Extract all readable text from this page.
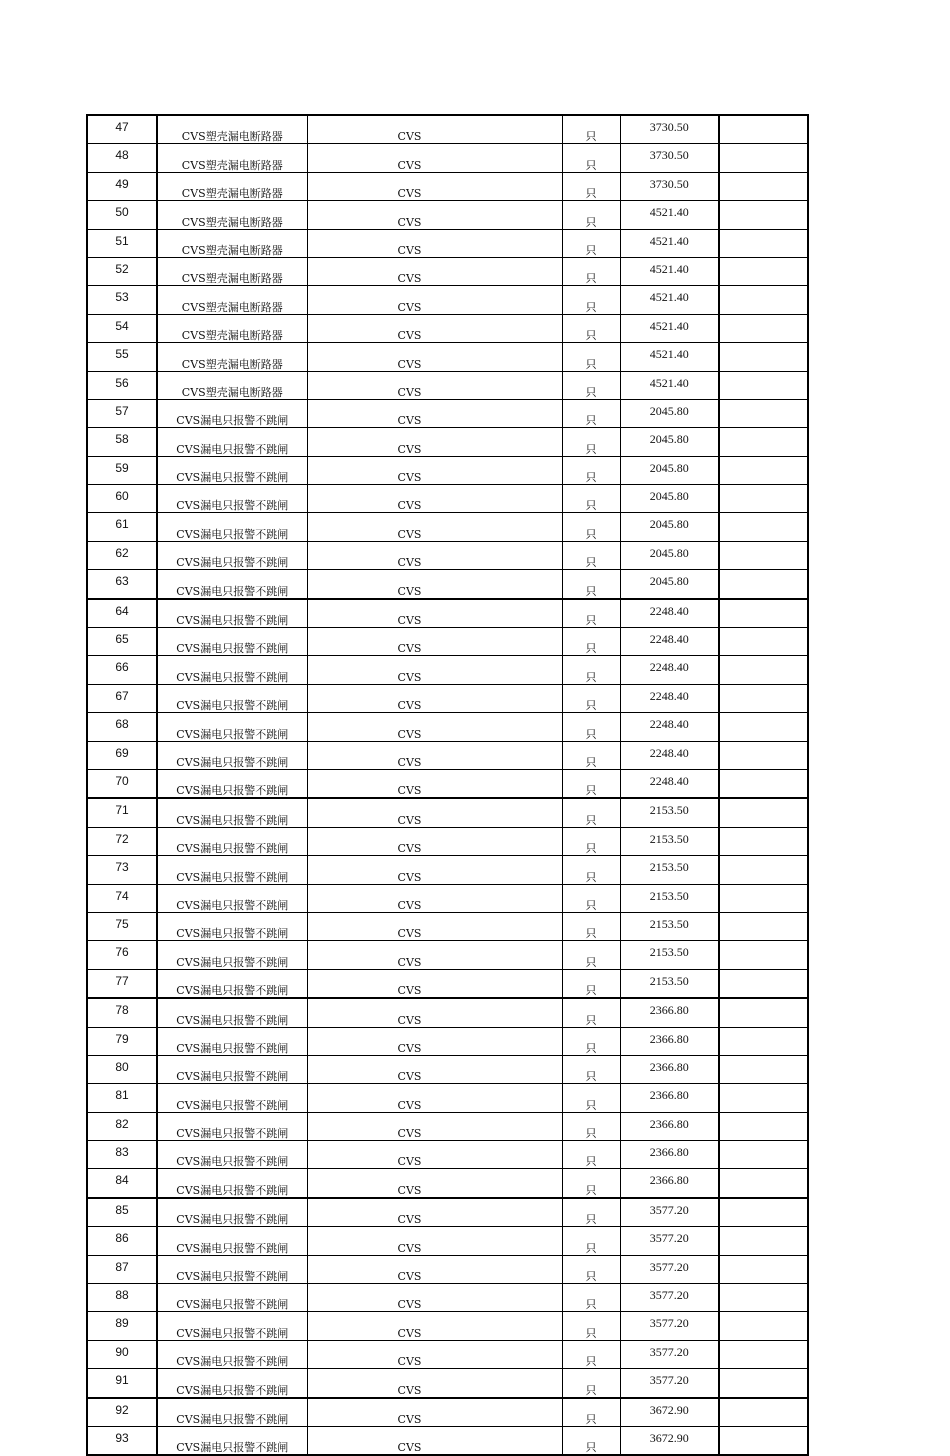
47	CVS塑壳漏电断路器	CVS	只	3730.50	
48	CVS塑壳漏电断路器	CVS	只	3730.50	
49	CVS塑壳漏电断路器	CVS	只	3730.50	
50	CVS塑壳漏电断路器	CVS	只	4521.40	
51	CVS塑壳漏电断路器	CVS	只	4521.40	
52	CVS塑壳漏电断路器	CVS	只	4521.40	
53	CVS塑壳漏电断路器	CVS	只	4521.40	
54	CVS塑壳漏电断路器	CVS	只	4521.40	
55	CVS塑壳漏电断路器	CVS	只	4521.40	
56	CVS塑壳漏电断路器	CVS	只	4521.40	
57	CVS漏电只报警不跳闸	CVS	只	2045.80	
58	CVS漏电只报警不跳闸	CVS	只	2045.80	
59	CVS漏电只报警不跳闸	CVS	只	2045.80	
60	CVS漏电只报警不跳闸	CVS	只	2045.80	
61	CVS漏电只报警不跳闸	CVS	只	2045.80	
62	CVS漏电只报警不跳闸	CVS	只	2045.80	
63	CVS漏电只报警不跳闸	CVS	只	2045.80	
64	CVS漏电只报警不跳闸	CVS	只	2248.40	
65	CVS漏电只报警不跳闸	CVS	只	2248.40	
66	CVS漏电只报警不跳闸	CVS	只	2248.40	
67	CVS漏电只报警不跳闸	CVS	只	2248.40	
68	CVS漏电只报警不跳闸	CVS	只	2248.40	
69	CVS漏电只报警不跳闸	CVS	只	2248.40	
70	CVS漏电只报警不跳闸	CVS	只	2248.40	
71	CVS漏电只报警不跳闸	CVS	只	2153.50	
72	CVS漏电只报警不跳闸	CVS	只	2153.50	
73	CVS漏电只报警不跳闸	CVS	只	2153.50	
74	CVS漏电只报警不跳闸	CVS	只	2153.50	
75	CVS漏电只报警不跳闸	CVS	只	2153.50	
76	CVS漏电只报警不跳闸	CVS	只	2153.50	
77	CVS漏电只报警不跳闸	CVS	只	2153.50	
78	CVS漏电只报警不跳闸	CVS	只	2366.80	
79	CVS漏电只报警不跳闸	CVS	只	2366.80	
80	CVS漏电只报警不跳闸	CVS	只	2366.80	
81	CVS漏电只报警不跳闸	CVS	只	2366.80	
82	CVS漏电只报警不跳闸	CVS	只	2366.80	
83	CVS漏电只报警不跳闸	CVS	只	2366.80	
84	CVS漏电只报警不跳闸	CVS	只	2366.80	
85	CVS漏电只报警不跳闸	CVS	只	3577.20	
86	CVS漏电只报警不跳闸	CVS	只	3577.20	
87	CVS漏电只报警不跳闸	CVS	只	3577.20	
88	CVS漏电只报警不跳闸	CVS	只	3577.20	
89	CVS漏电只报警不跳闸	CVS	只	3577.20	
90	CVS漏电只报警不跳闸	CVS	只	3577.20	
91	CVS漏电只报警不跳闸	CVS	只	3577.20	
92	CVS漏电只报警不跳闸	CVS	只	3672.90	
93	CVS漏电只报警不跳闸	CVS	只	3672.90	
